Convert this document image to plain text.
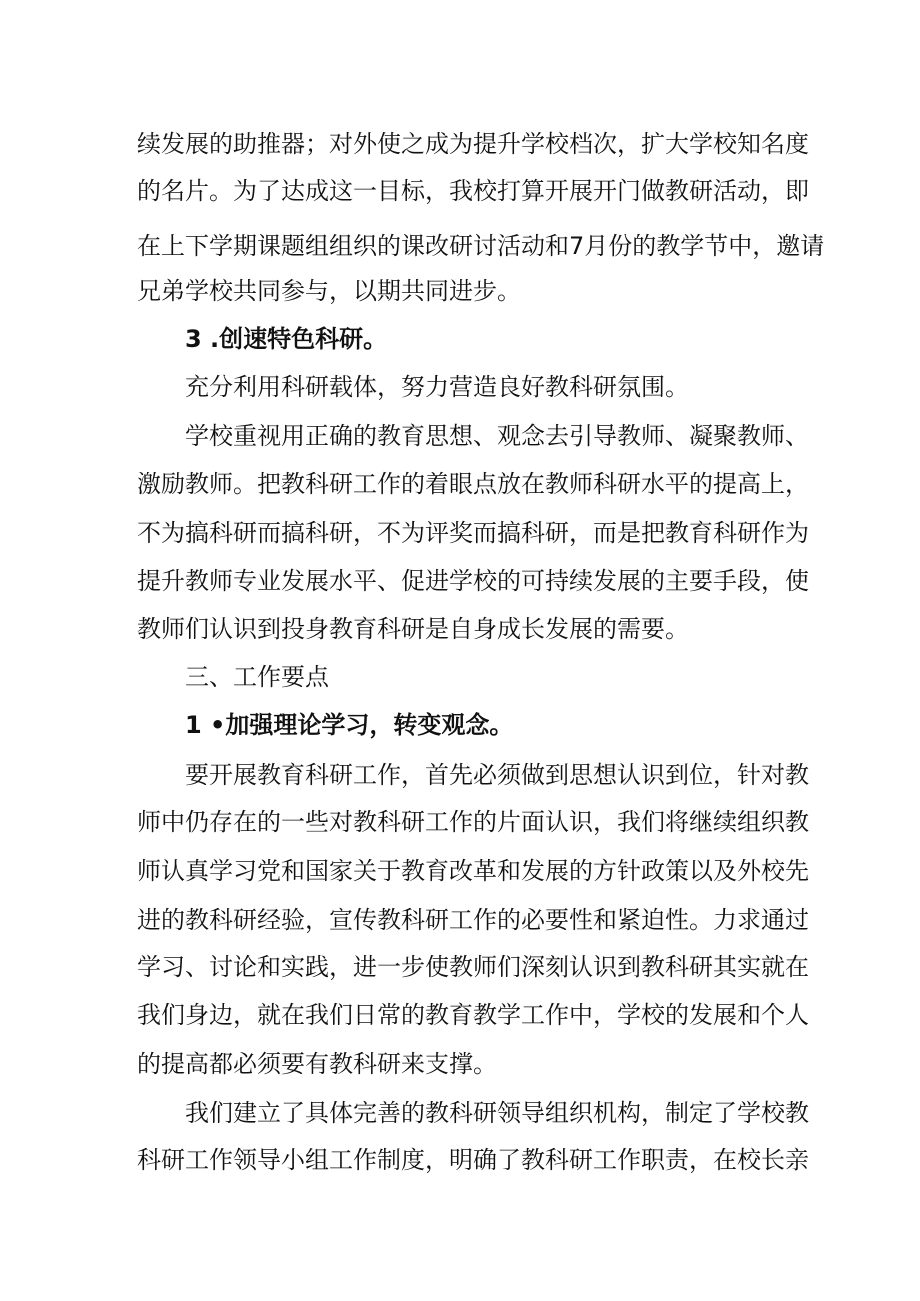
续发展的助推器；对外使之成为提升学校档次，扩大学校知名度
的名片。为了达成这一目标，我校打算开展开门做教研活动，即
在上下学期课题组组织的课改研讨活动和7月份的教学节中，邀请
兄弟学校共同参与，以期共同进步。
3 .创速特色科研。
充分利用科研载体，努力营造良好教科研氛围。
学校重视用正确的教育思想、观念去引导教师、凝聚教师、
激励教师。把教科研工作的着眼点放在教师科研水平的提高上，
不为搞科研而搞科研，不为评奖而搞科研，而是把教育科研作为
提升教师专业发展水平、促进学校的可持续发展的主要手段，使
教师们认识到投身教育科研是自身成长发展的需要。
三、工作要点
1 •加强理论学习，转变观念。
要开展教育科研工作，首先必须做到思想认识到位，针对教
师中仍存在的一些对教科研工作的片面认识，我们将继续组织教
师认真学习党和国家关于教育改革和发展的方针政策以及外校先
进的教科研经验，宣传教科研工作的必要性和紧迫性。力求通过
学习、讨论和实践，进一步使教师们深刻认识到教科研其实就在
我们身边，就在我们日常的教育教学工作中，学校的发展和个人
的提高都必须要有教科研来支撑。
我们建立了具体完善的教科研领导组织机构，制定了学校教
科研工作领导小组工作制度，明确了教科研工作职责，在校长亲
